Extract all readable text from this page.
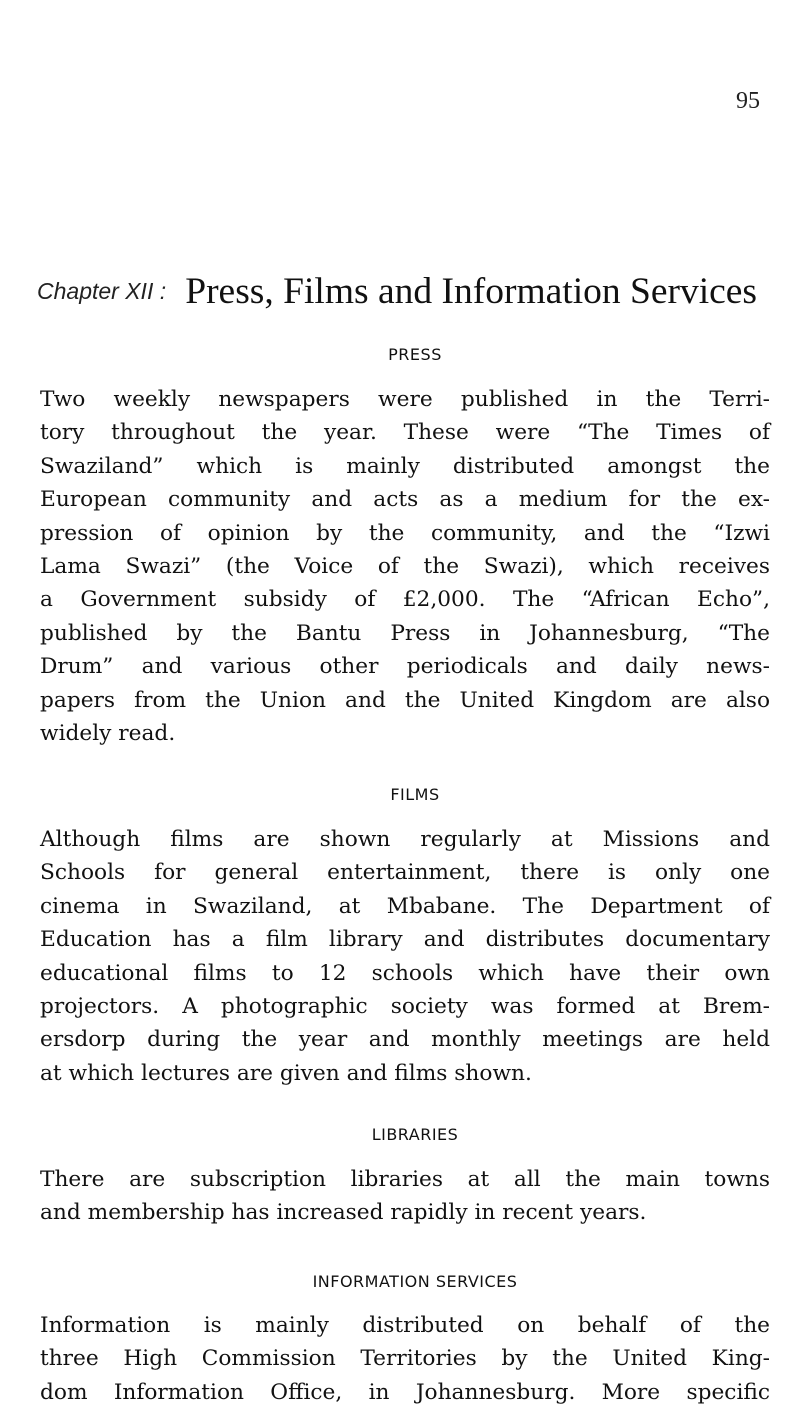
95
Chapter XII : Press, Films and Information Services
PRESS
Two weekly newspapers were published in the Terri-
tory throughout the year. These were “The Times of
Swaziland” which is mainly distributed amongst the
European community and acts as a medium for the ex-
pression of opinion by the community, and the “Izwi
Lama Swazi” (the Voice of the Swazi), which receives
a Government subsidy of £2,000. The “African Echo”,
published by the Bantu Press in Johannesburg, “The
Drum” and various other periodicals and daily news-
papers from the Union and the United Kingdom are also
widely read.
FILMS
Although films are shown regularly at Missions and
Schools for general entertainment, there is only one
cinema in Swaziland, at Mbabane. The Department of
Education has a film library and distributes documentary
educational films to 12 schools which have their own
projectors. A photographic society was formed at Brem-
ersdorp during the year and monthly meetings are held
at which lectures are given and films shown.
LIBRARIES
There are subscription libraries at all the main towns
and membership has increased rapidly in recent years.
INFORMATION SERVICES
Information is mainly distributed on behalf of the
three High Commission Territories by the United King-
dom Information Office, in Johannesburg. More specific
